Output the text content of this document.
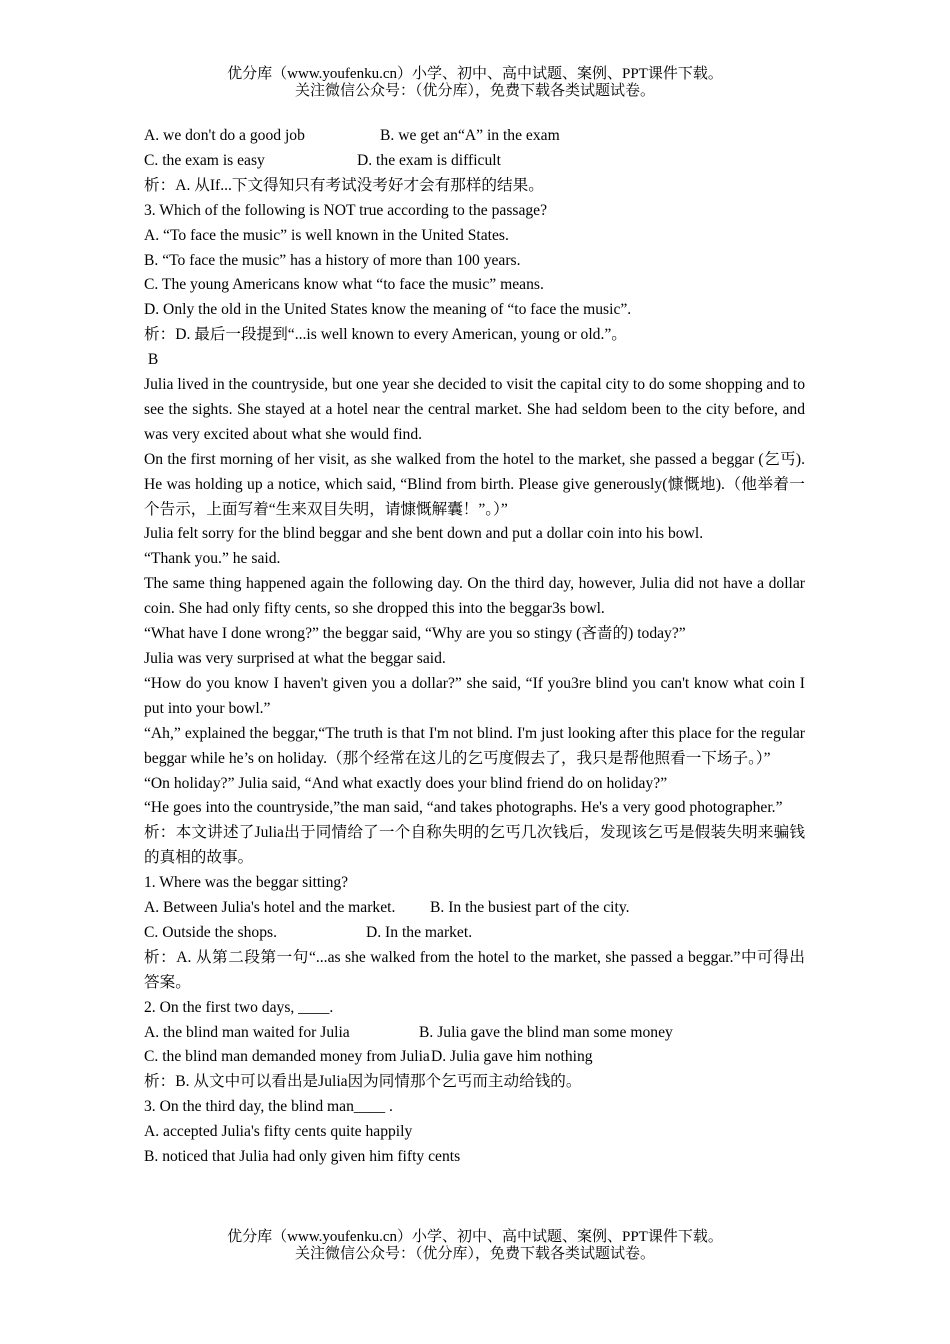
优分库（www.youfenku.cn）小学、初中、高中试题、案例、PPT课件下载。
关注微信公众号：（优分库），免费下载各类试题试卷。
A. we don't do a good job	B. we get an“A” in the exam
C. the exam is easy	D. the exam is difficult

析：A. 从If...下文得知只有考试没考好才会有那样的结果。

3. Which of the following is NOT true according to the passage?

A. “To face the music” is well known in the United States.

B. “To face the music” has a history of more than 100 years.

C. The young Americans know what “to face the music” means.

D. Only the old in the United States know the meaning of “to face the music”.

析：D. 最后一段提到“...is well known to every American, young or old.”。

B

Julia lived in the countryside, but one year she decided to visit the capital city to do some shopping and to see the sights. She stayed at a hotel near the central market. She had seldom been to the city before, and was very excited about what she would find.

On the first morning of her visit, as she walked from the hotel to the market, she passed a beggar (乞丐). He was holding up a notice, which said, “Blind from birth. Please give generously(慷慨地).（他举着一个告示，上面写着“生来双目失明，请慷慨解囊！”。）”

Julia felt sorry for the blind beggar and she bent down and put a dollar coin into his bowl.

“Thank you.” he said.

The same thing happened again the following day. On the third day, however, Julia did not have a dollar coin. She had only fifty cents, so she dropped this into the beggar3s bowl.

“What have I done wrong?” the beggar said, “Why are you so stingy (吝啬的) today?”

Julia was very surprised at what the beggar said.

“How do you know I haven't given you a dollar?” she said, “If you3re blind you can't know what coin I put into your bowl.”

“Ah,” explained the beggar,“The truth is that I'm not blind. I'm just looking after this place for the regular beggar while he’s on holiday.（那个经常在这儿的乞丐度假去了，我只是帮他照看一下场子。）”

“On holiday?” Julia said, “And what exactly does your blind friend do on holiday?”

“He goes into the countryside,”the man said, “and takes photographs. He's a very good photographer.”

析：本文讲述了Julia出于同情给了一个自称失明的乞丐几次钱后，发现该乞丐是假装失明来骗钱的真相的故事。

1. Where was the beggar sitting?

A. Between Julia's hotel and the market. B. In the busiest part of the city.
C. Outside the shops.	D. In the market.

析：A. 从第二段第一句“...as she walked from the hotel to the market, she passed a beggar.”中可得出答案。

2. On the first two days, ____.

A. the blind man waited for Julia	B. Julia gave the blind man some money
C. the blind man demanded money from Julia D. Julia gave him nothing

析：B. 从文中可以看出是Julia因为同情那个乞丐而主动给钱的。

3. On the third day, the blind man____ .

A. accepted Julia's fifty cents quite happily

B. noticed that Julia had only given him fifty cents

优分库（www.youfenku.cn）小学、初中、高中试题、案例、PPT课件下载。
关注微信公众号：（优分库），免费下载各类试题试卷。
